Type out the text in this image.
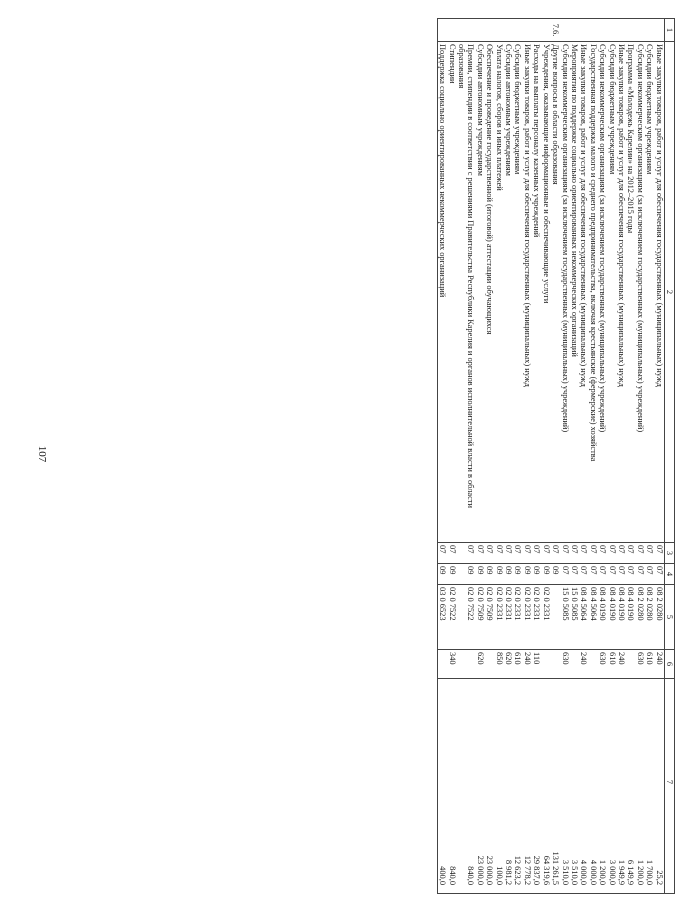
107
1	2	3	4	5	6	7
	Иные закупки товаров, работ и услуг для обеспечения государственных (муниципальных) нужд	07	07	08 2 0280	240	25,2
	Субсидии бюджетным учреждениям	07	07	08 2 0280	610	1 700,0
	Субсидии некоммерческим организациям (за исключением государственных (муниципальных) учреждений)	07	07	08 2 0280	630	1 200,0
	Программа «Молодежь Карелии» на 2012–2015 годы	07	07	08 4 0190		6 149,9
	Иные закупки товаров, работ и услуг для обеспечения государственных (муниципальных) нужд	07	07	08 4 0190	240	1 949,9
	Субсидии бюджетным учреждениям	07	07	08 4 0190	610	3 000,0
	Субсидии некоммерческим организациям (за исключением государственных (муниципальных) учреждений)	07	07	08 4 0190	630	1 200,0
	Государственная поддержка малого и среднего предпринимательства, включая крестьянские (фермерские) хозяйства	07	07	08 4 5064		4 000,0
	Иные закупки товаров, работ и услуг для обеспечения государственных (муниципальных) нужд	07	07	08 4 5064	240	4 000,0
	Мероприятия по поддержке социально ориентированных некоммерческих организаций	07	07	15 0 5085		3 510,0
	Субсидии некоммерческим организациям (за исключением государственных (муниципальных) учреждений)	07	07	15 0 5085	630	3 510,0
7.6.	Другие вопросы в области образования	07	09			131 261,5
	Учреждения, оказывающие информационные и обеспечивающие услуги	07	09	02 0 2331		64 319,6
	Расходы на выплаты персоналу казенных учреждений	07	09	02 0 2331	110	29 837,0
	Иные закупки товаров, работ и услуг для обеспечения государственных (муниципальных) нужд	07	09	02 0 2331	240	12 778,2
	Субсидии бюджетным учреждениям	07	09	02 0 2331	610	12 623,2
	Субсидии автономным учреждениям	07	09	02 0 2331	620	8 981,2
	Уплата налогов, сборов и иных платежей	07	09	02 0 2331	850	100,0
	Обеспечение и проведение государственной (итоговой) аттестации обучающихся	07	09	02 0 7509		23 000,0
	Субсидии автономным учреждениям	07	09	02 0 7509	620	23 000,0
	Премии, стипендии в соответствии с решениями Правительства Республики Карелия и органов исполнительной власти в области образования	07	09	02 0 7522		840,0
	Стипендии	07	09	02 0 7522	340	840,0
	Поддержка социально ориентированных некоммерческих организаций	07	09	03 0 6523		400,0
